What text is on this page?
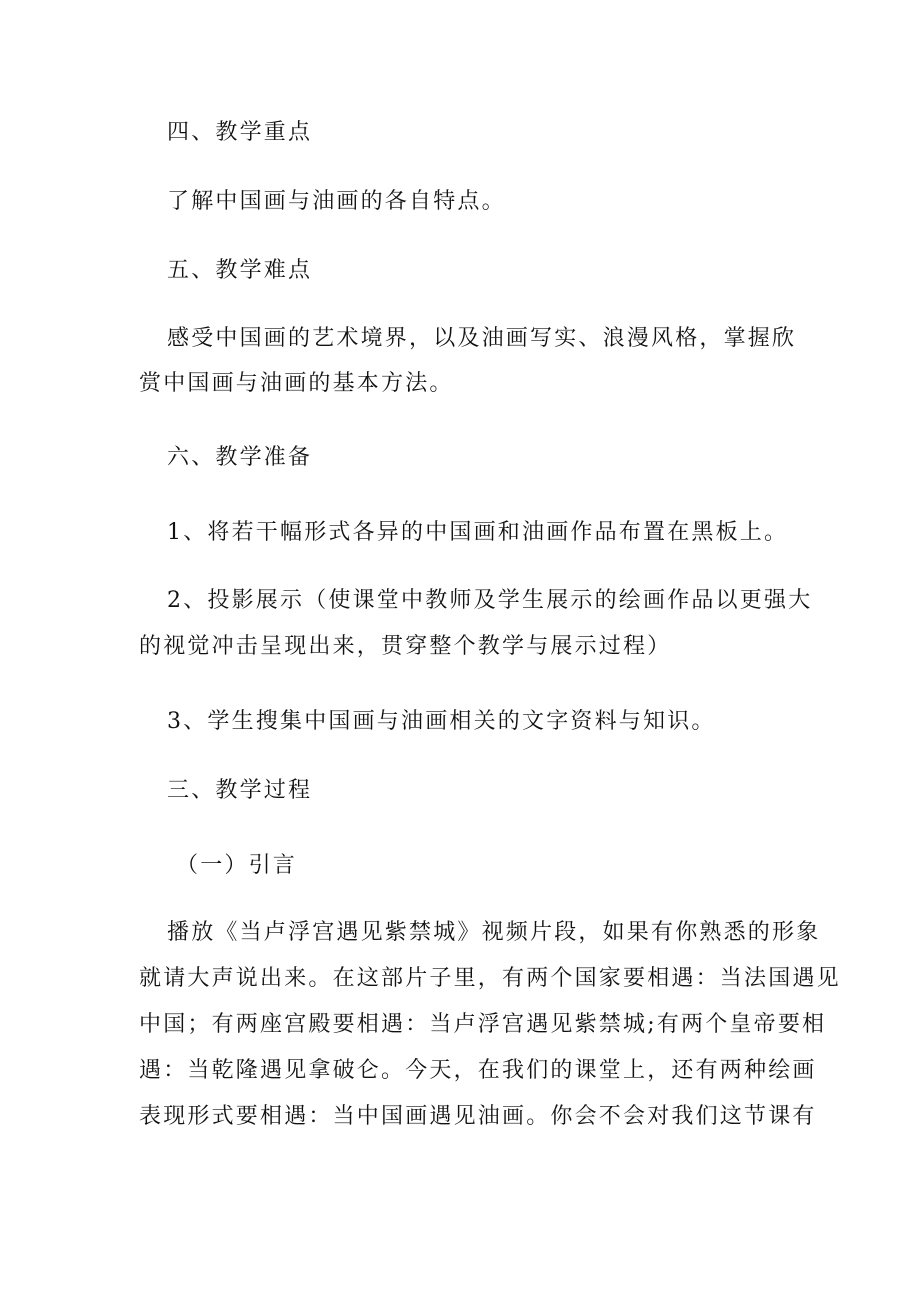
四、教学重点
了解中国画与油画的各自特点。
五、教学难点
感受中国画的艺术境界，以及油画写实、浪漫风格，掌握欣
赏中国画与油画的基本方法。
六、教学准备
1、将若干幅形式各异的中国画和油画作品布置在黑板上。
2、投影展示（使课堂中教师及学生展示的绘画作品以更强大
的视觉冲击呈现出来，贯穿整个教学与展示过程）
3、学生搜集中国画与油画相关的文字资料与知识。
三、教学过程
（一）引言
播放《当卢浮宫遇见紫禁城》视频片段，如果有你熟悉的形象
就请大声说出来。在这部片子里，有两个国家要相遇：当法国遇见
中国；有两座宫殿要相遇：当卢浮宫遇见紫禁城;有两个皇帝要相
遇：当乾隆遇见拿破仑。今天，在我们的课堂上，还有两种绘画
表现形式要相遇：当中国画遇见油画。你会不会对我们这节课有
